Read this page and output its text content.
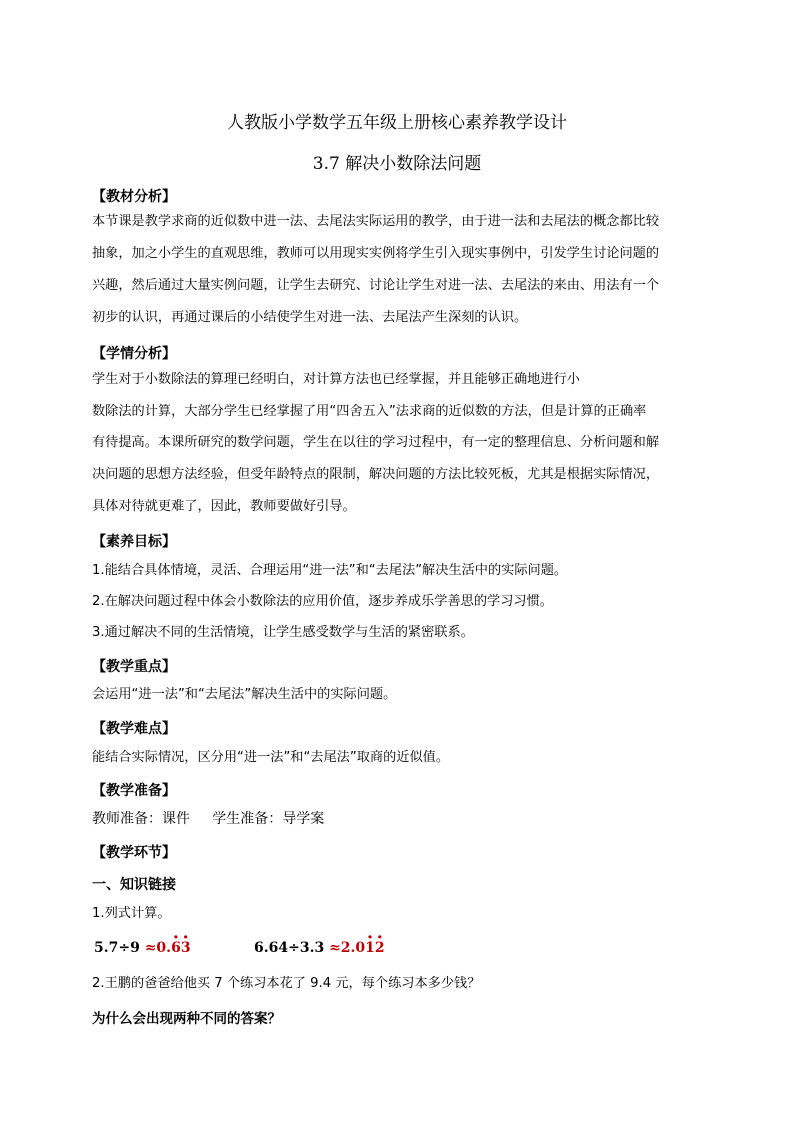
人教版小学数学五年级上册核心素养教学设计
3.7 解决小数除法问题
【教材分析】
本节课是教学求商的近似数中进一法、去尾法实际运用的教学，由于进一法和去尾法的概念都比较
抽象，加之小学生的直观思维，教师可以用现实实例将学生引入现实事例中，引发学生讨论问题的
兴趣，然后通过大量实例问题，让学生去研究、讨论让学生对进一法、去尾法的来由、用法有一个
初步的认识，再通过课后的小结使学生对进一法、去尾法产生深刻的认识。
【学情分析】
学生对于小数除法的算理已经明白，对计算方法也已经掌握，并且能够正确地进行小
数除法的计算，大部分学生已经掌握了用“四舍五入”法求商的近似数的方法，但是计算的正确率
有待提高。本课所研究的数学问题，学生在以往的学习过程中，有一定的整理信息、分析问题和解
决问题的思想方法经验，但受年龄特点的限制，解决问题的方法比较死板，尤其是根据实际情况，
具体对待就更难了，因此，教师要做好引导。
【素养目标】
1.能结合具体情境，灵活、合理运用“进一法”和“去尾法”解决生活中的实际问题。
2.在解决问题过程中体会小数除法的应用价值，逐步养成乐学善思的学习习惯。
3.通过解决不同的生活情境，让学生感受数学与生活的紧密联系。
【教学重点】
会运用“进一法”和“去尾法”解决生活中的实际问题。
【教学难点】
能结合实际情况，区分用“进一法”和“去尾法”取商的近似值。
【教学准备】
教师准备：课件     学生准备：导学案
【教学环节】
一、知识链接
1.列式计算。
5.7÷9 ≈0.· 6· 3	6.64÷3.3 ≈2.0· 1· 2
2.王鹏的爸爸给他买 7 个练习本花了 9.4 元，每个练习本多少钱？
为什么会出现两种不同的答案？
